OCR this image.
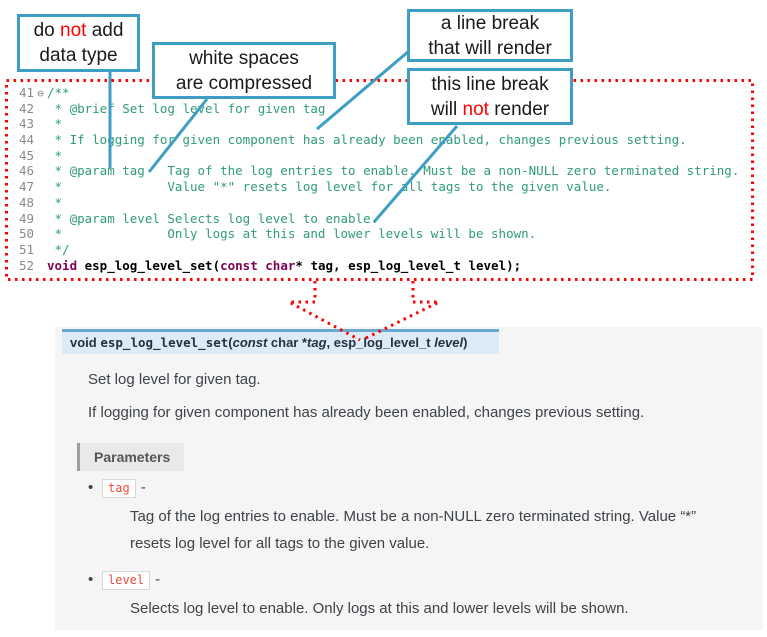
41 ⊖ /**
42  * @brief Set log level for given tag
43  *
44  * If logging for given component has already been enabled, changes previous setting.
45  *
46  * @param tag   Tag of the log entries to enable. Must be a non-NULL zero terminated string.
47  *              Value "*" resets log level for all tags to the given value.
48  *
49  * @param level Selects log level to enable.
50  *              Only logs at this and lower levels will be shown.
51  */
52 void esp_log_level_set(const char* tag, esp_log_level_t level);
do not add
data type	white spaces
are compressed
a line break
that will render
this line break
will not render
void esp_log_level_set(const char *tag, esp_log_level_t level)

Set log level for given tag.

If logging for given component has already been enabled, changes previous setting.

Parameters
• tag -
Tag of the log entries to enable. Must be a non-NULL zero terminated string. Value “*” resets log level for all tags to the given value.
• level -
Selects log level to enable. Only logs at this and lower levels will be shown.
